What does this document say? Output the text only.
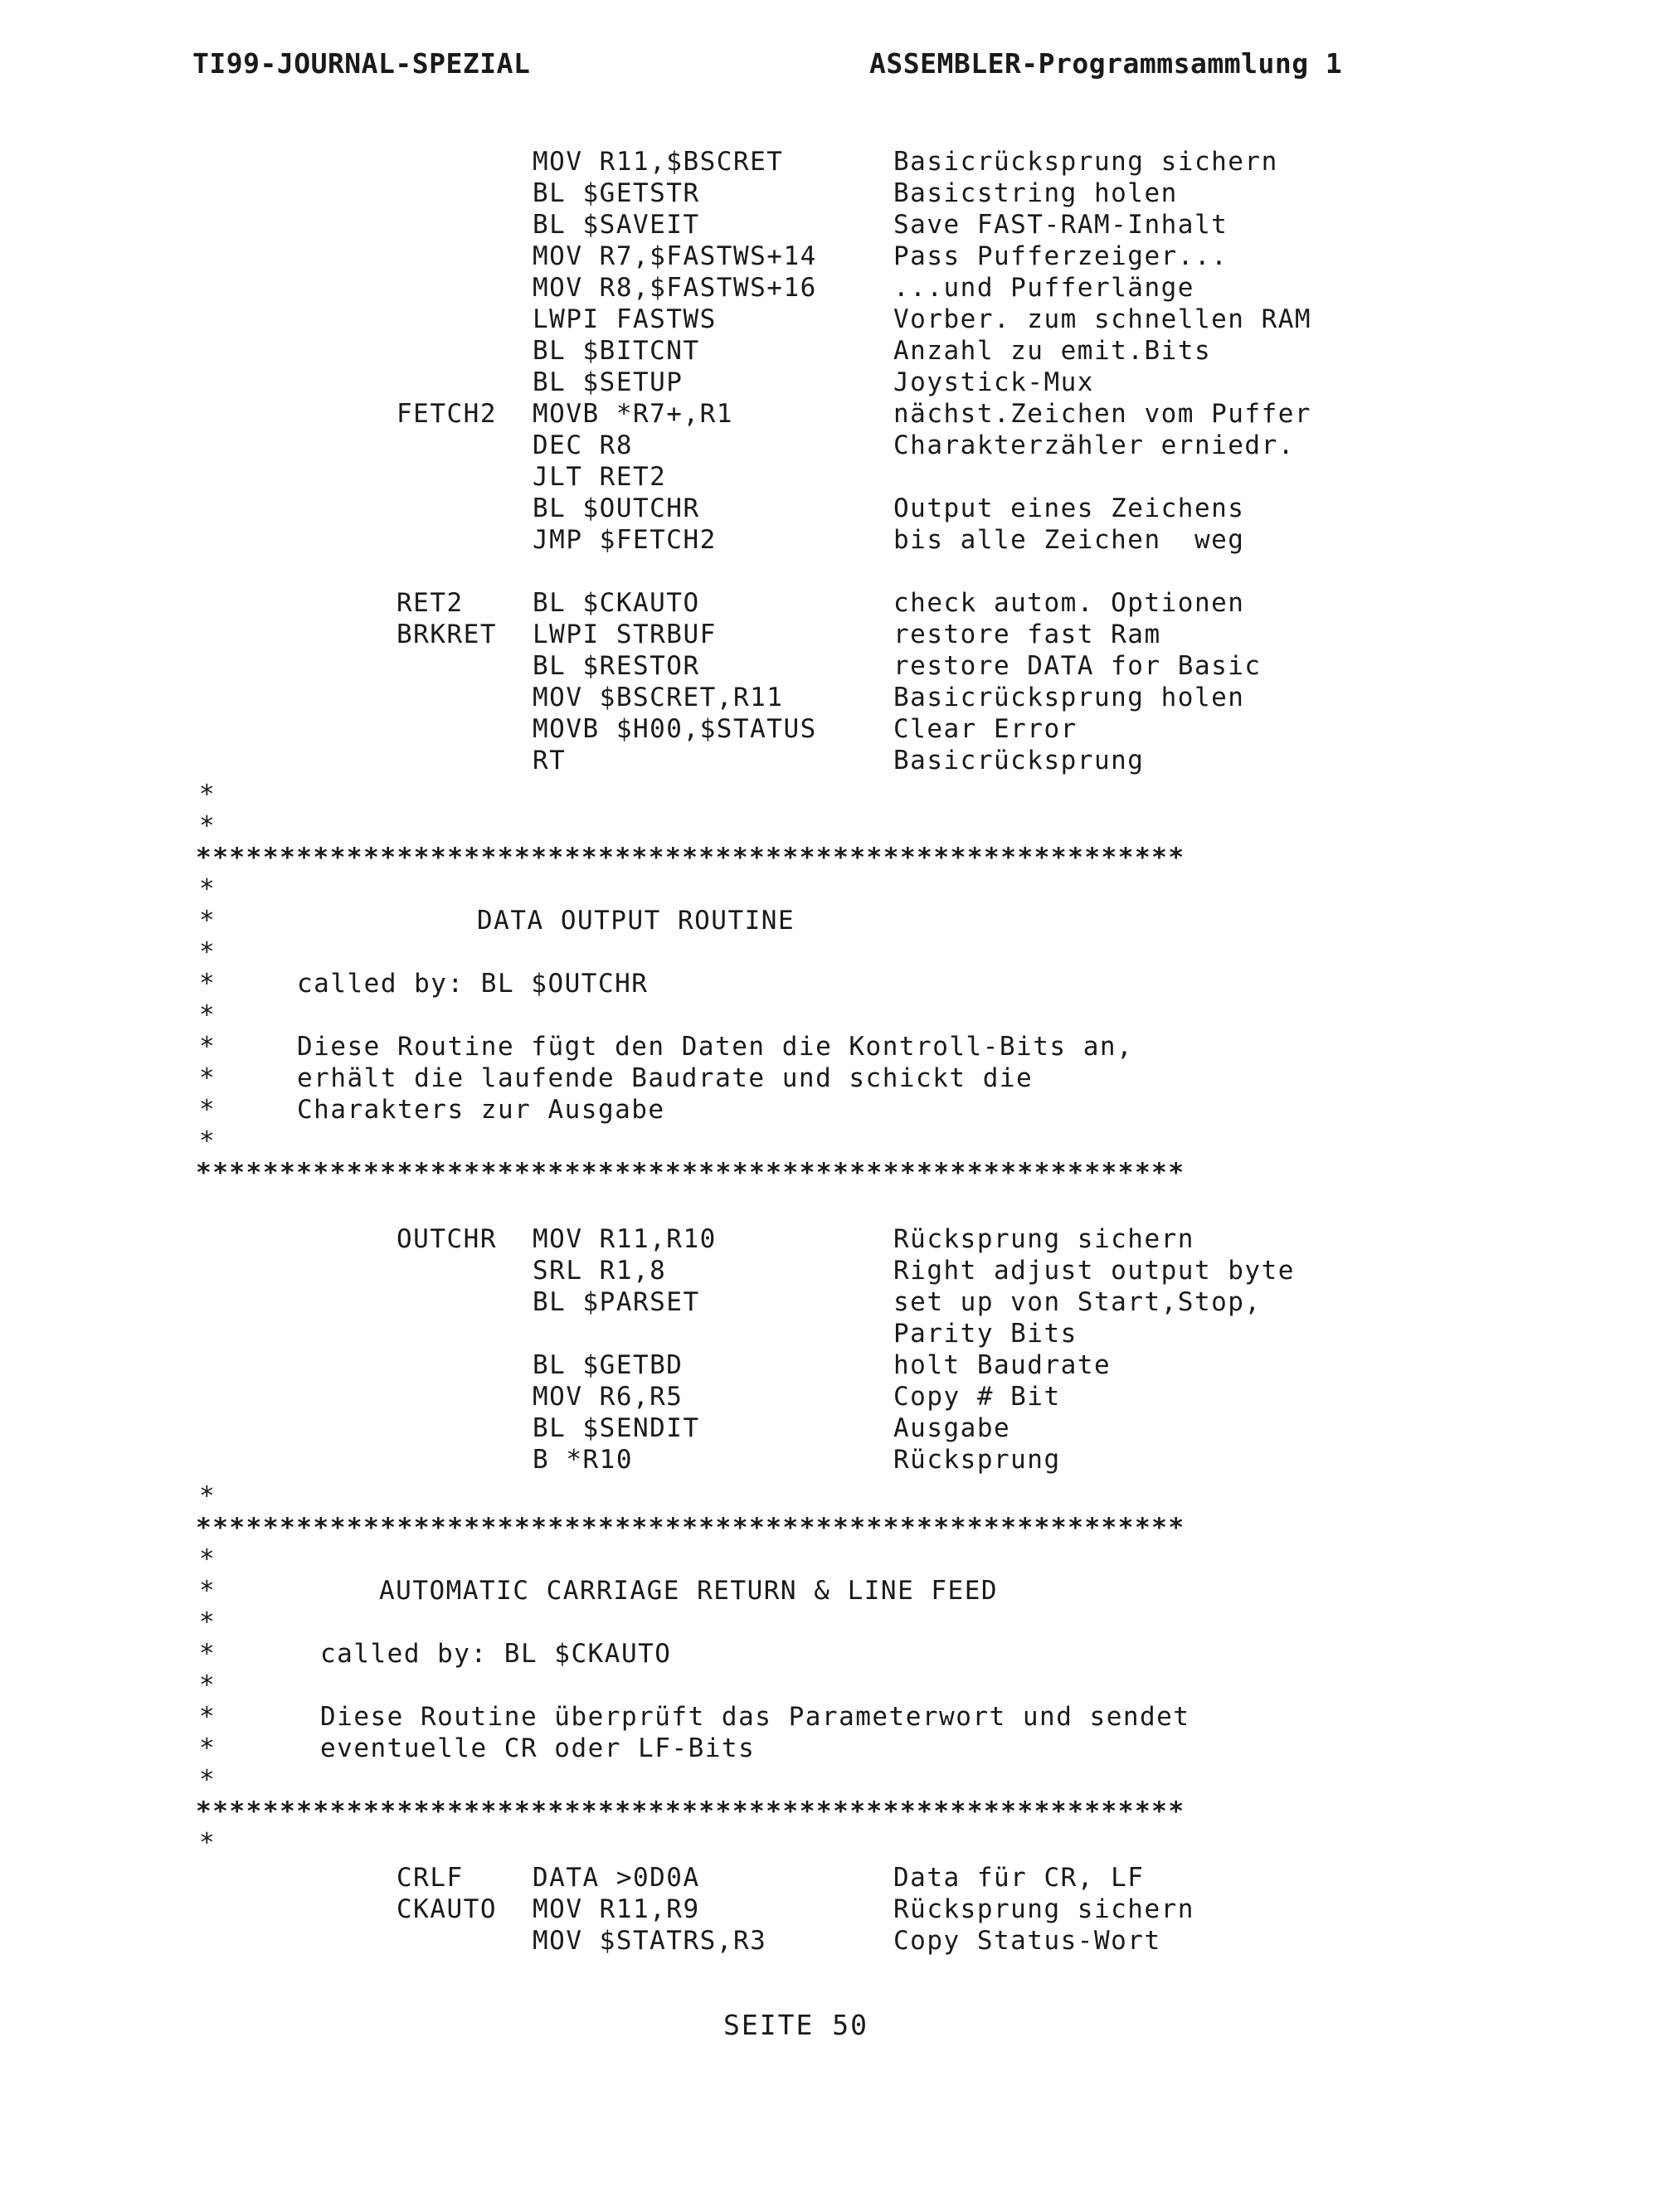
TI99-JOURNAL-SPEZIAL	ASSEMBLER-Programmsammlung 1
MOV R11,$BSCRET	Basicrücksprung sichern
BL $GETSTR	Basicstring holen
BL $SAVEIT	Save FAST-RAM-Inhalt
MOV R7,$FASTWS+14	Pass Pufferzeiger...
MOV R8,$FASTWS+16	...und Pufferlänge
LWPI FASTWS	Vorber. zum schnellen RAM
BL $BITCNT	Anzahl zu emit.Bits
BL $SETUP	Joystick-Mux
FETCH2 MOVB *R7+,R1	nächst.Zeichen vom Puffer
DEC R8	Charakterzähler erniedr.
JLT RET2
BL $OUTCHR	Output eines Zeichens
JMP $FETCH2	bis alle Zeichen  weg
RET2	BL $CKAUTO	check autom. Optionen
BRKRET LWPI STRBUF	restore fast Ram
BL $RESTOR	restore DATA for Basic
MOV $BSCRET,R11	Basicrücksprung holen
MOVB $H00,$STATUS	Clear Error
RT	Basicrücksprung
*
*
***********************************************************
*
*	DATA OUTPUT ROUTINE
*
*	called by: BL $OUTCHR
*
*	Diese Routine fügt den Daten die Kontroll-Bits an,
*	erhält die laufende Baudrate und schickt die
*	Charakters zur Ausgabe
*
***********************************************************
OUTCHR MOV R11,R10	Rücksprung sichern
SRL R1,8	Right adjust output byte
BL $PARSET	set up von Start,Stop,
Parity Bits
BL $GETBD	holt Baudrate
MOV R6,R5	Copy # Bit
BL $SENDIT	Ausgabe
B *R10	Rücksprung
*
***********************************************************
*
*	AUTOMATIC CARRIAGE RETURN & LINE FEED
*
*	called by: BL $CKAUTO
*
*	Diese Routine überprüft das Parameterwort und sendet
*	eventuelle CR oder LF-Bits
*
***********************************************************
*
CRLF	DATA >0D0A	Data für CR, LF
CKAUTO MOV R11,R9	Rücksprung sichern
MOV $STATRS,R3	Copy Status-Wort
SEITE 50
